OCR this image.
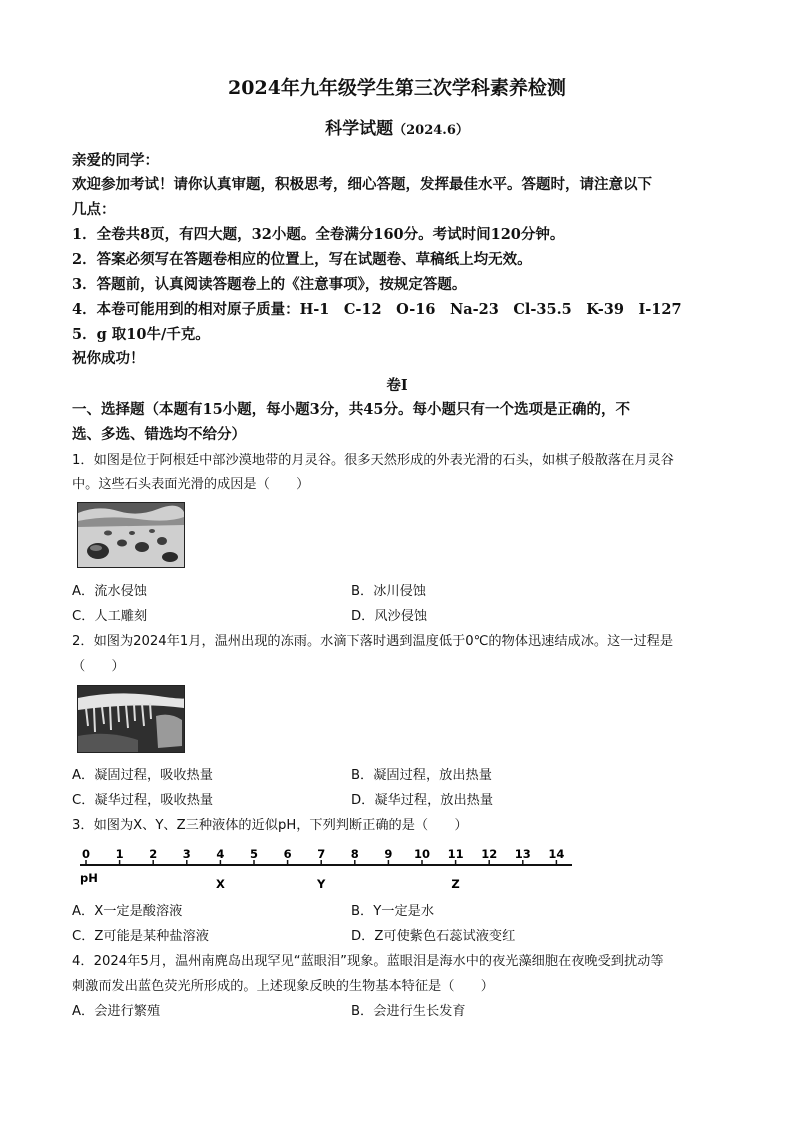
2024年九年级学生第三次学科素养检测
科学试题（2024.6）
亲爱的同学：
欢迎参加考试！请你认真审题，积极思考，细心答题，发挥最佳水平。答题时，请注意以下
几点：
1．全卷共8页，有四大题，32小题。全卷满分160分。考试时间120分钟。
2．答案必须写在答题卷相应的位置上，写在试题卷、草稿纸上均无效。
3．答题前，认真阅读答题卷上的《注意事项》，按规定答题。
4．本卷可能用到的相对原子质量：H-1　C-12　O-16　Na-23　Cl-35.5　K-39　I-127
5．g 取10牛/千克。
祝你成功！
卷Ⅰ
一、选择题（本题有15小题，每小题3分，共45分。每小题只有一个选项是正确的，不
选、多选、错选均不给分）
1．如图是位于阿根廷中部沙漠地带的月灵谷。很多天然形成的外表光滑的石头，如棋子般散落在月灵谷
中。这些石头表面光滑的成因是（　　）
A．流水侵蚀	B．冰川侵蚀
C．人工雕刻	D．风沙侵蚀
2．如图为2024年1月，温州出现的冻雨。水滴下落时遇到温度低于0℃的物体迅速结成冰。这一过程是
（　　）
A．凝固过程，吸收热量	B．凝固过程，放出热量
C．凝华过程，吸收热量	D．凝华过程，放出热量
3．如图为X、Y、Z三种液体的近似pH，下列判断正确的是（　　）
pH
0 1 2 3 4 5 6 7 8 9 10 11 12 13 14
X	Y	Z
A．X一定是酸溶液	B．Y一定是水
C．Z可能是某种盐溶液	D．Z可使紫色石蕊试液变红
4．2024年5月，温州南麂岛出现罕见“蓝眼泪”现象。蓝眼泪是海水中的夜光藻细胞在夜晚受到扰动等
刺激而发出蓝色荧光所形成的。上述现象反映的生物基本特征是（　　）
A．会进行繁殖	B．会进行生长发育
